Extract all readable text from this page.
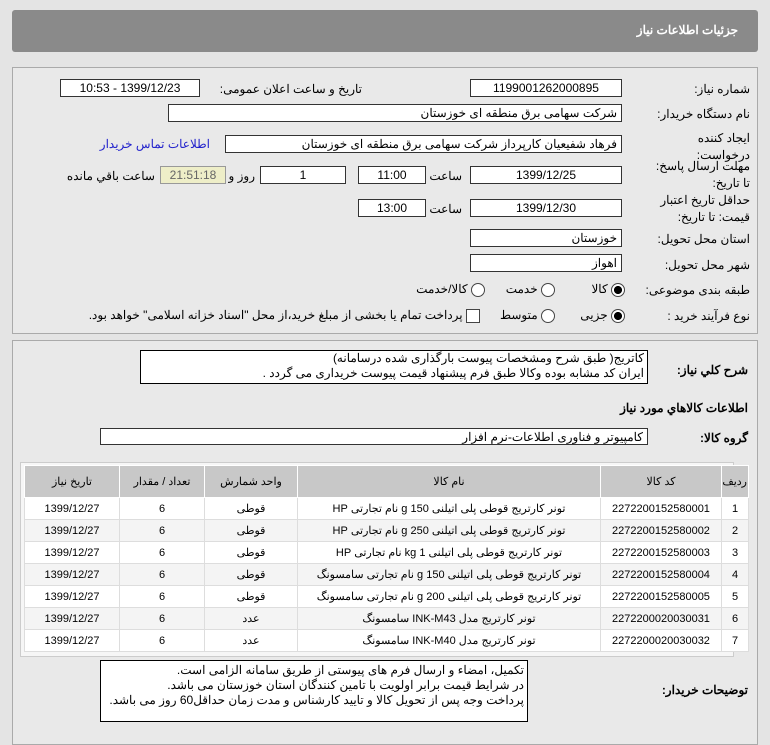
جزئیات اطلاعات نیاز
شماره نیاز:
1199001262000895
تاریخ و ساعت اعلان عمومی:
1399/12/23 - 10:53
نام دستگاه خریدار:
شرکت سهامی برق منطقه ای خوزستان
ایجاد کننده درخواست:
فرهاد شفیعیان کارپرداز شرکت سهامی برق منطقه ای خوزستان
اطلاعات تماس خریدار
مهلت ارسال پاسخ: تا تاریخ:
1399/12/25
ساعت
11:00
1
روز و
21:51:18
ساعت باقي مانده
حداقل تاریخ اعتبار قیمت: تا تاریخ:
1399/12/30
ساعت
13:00
استان محل تحویل:
خوزستان
شهر محل تحویل:
اهواز
طبقه بندی موضوعی:
کالا
خدمت
کالا/خدمت
نوع فرآیند خرید :
جزیی
متوسط
پرداخت تمام یا بخشی از مبلغ خرید،از محل "اسناد خزانه اسلامی" خواهد بود.
شرح کلي نياز:
کاتریج( طبق شرح ومشخصات پیوست بارگذاری شده درسامانه)
ایران کد مشابه بوده وکالا طبق فرم پیشنهاد قیمت پیوست خریداری می گردد .
اطلاعات کالاهاي مورد نياز
گروه کالا:
کامپیوتر و فناوری اطلاعات-نرم افزار
ردیف	کد کالا	نام کالا	واحد شمارش	تعداد / مقدار	تاریخ نیاز
1	2272200152580001	تونر کارتریج قوطی پلی اتیلنی 150 g نام تجارتی HP	قوطی	6	1399/12/27
2	2272200152580002	تونر کارتریج قوطی پلی اتیلنی 250 g نام تجارتی HP	قوطی	6	1399/12/27
3	2272200152580003	تونر کارتریج قوطی پلی اتیلنی 1 kg نام تجارتی HP	قوطی	6	1399/12/27
4	2272200152580004	تونر کارتریج قوطی پلی اتیلنی 150 g نام تجارتی سامسونگ	قوطی	6	1399/12/27
5	2272200152580005	تونر کارتریج قوطی پلی اتیلنی 200 g نام تجارتی سامسونگ	قوطی	6	1399/12/27
6	2272200020030031	تونر کارتریج مدل INK-M43 سامسونگ	عدد	6	1399/12/27
7	2272200020030032	تونر کارتریج مدل INK-M40 سامسونگ	عدد	6	1399/12/27
توضیحات خریدار:
تکمیل، امضاء و ارسال فرم های پیوستی از طریق سامانه الزامی است.
در شرایط قیمت برابر اولویت با تامین کنندگان استان خوزستان می باشد.
پرداخت وجه پس از تحویل کالا و تایید کارشناس و مدت زمان حداقل60 روز می باشد.
